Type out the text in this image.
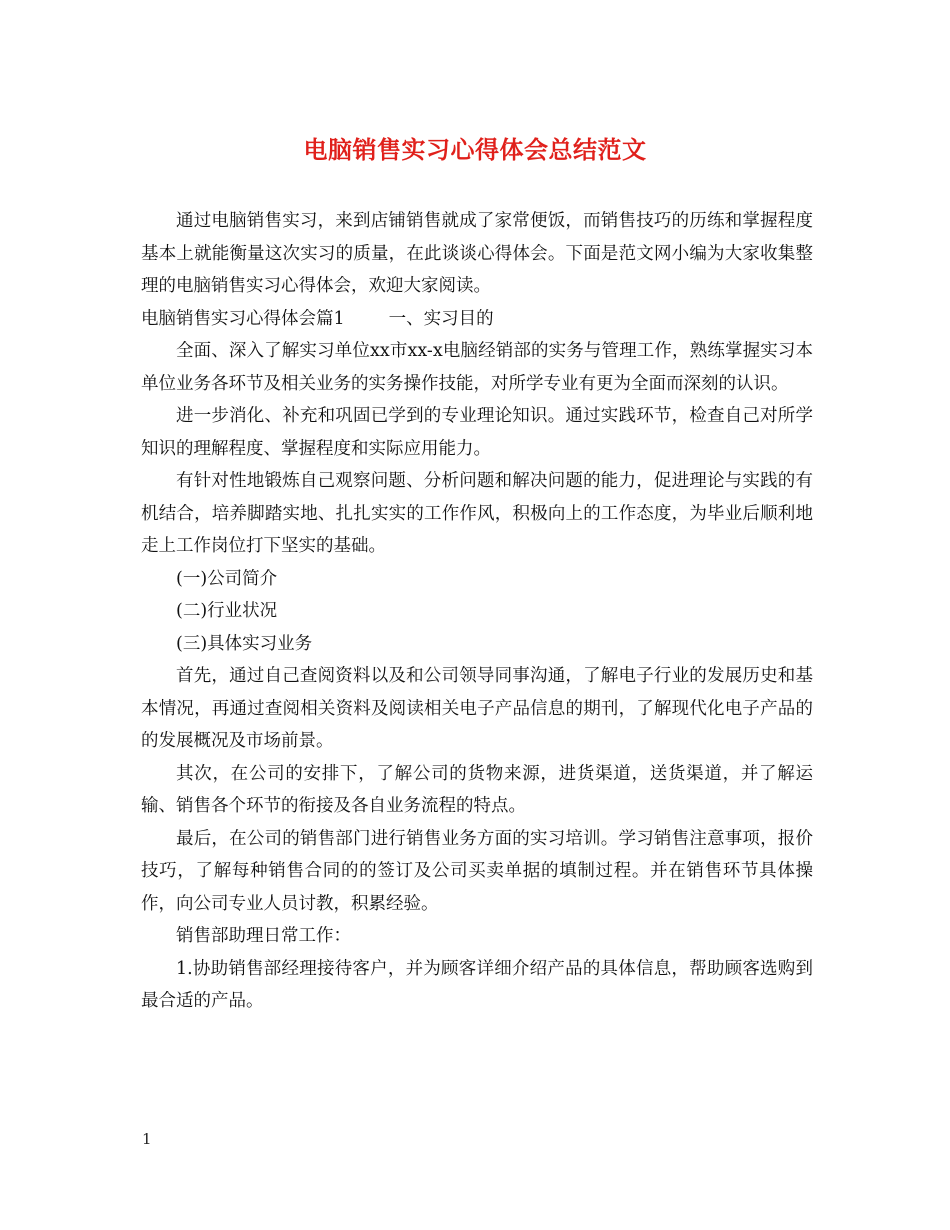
电脑销售实习心得体会总结范文

通过电脑销售实习，来到店铺销售就成了家常便饭，而销售技巧的历练和掌握程度基本上就能衡量这次实习的质量，在此谈谈心得体会。下面是范文网小编为大家收集整理的电脑销售实习心得体会，欢迎大家阅读。

电脑销售实习心得体会篇1	一、实习目的

全面、深入了解实习单位xx市xx-x电脑经销部的实务与管理工作，熟练掌握实习本单位业务各环节及相关业务的实务操作技能，对所学专业有更为全面而深刻的认识。

进一步消化、补充和巩固已学到的专业理论知识。通过实践环节，检查自己对所学知识的理解程度、掌握程度和实际应用能力。

有针对性地锻炼自己观察问题、分析问题和解决问题的能力，促进理论与实践的有机结合，培养脚踏实地、扎扎实实的工作作风，积极向上的工作态度，为毕业后顺利地走上工作岗位打下坚实的基础。

(一)公司简介

(二)行业状况

(三)具体实习业务

首先，通过自己查阅资料以及和公司领导同事沟通，了解电子行业的发展历史和基本情况，再通过查阅相关资料及阅读相关电子产品信息的期刊，了解现代化电子产品的的发展概况及市场前景。

其次，在公司的安排下，了解公司的货物来源，进货渠道，送货渠道，并了解运输、销售各个环节的衔接及各自业务流程的特点。

最后，在公司的销售部门进行销售业务方面的实习培训。学习销售注意事项，报价技巧，了解每种销售合同的的签订及公司买卖单据的填制过程。并在销售环节具体操作，向公司专业人员讨教，积累经验。

销售部助理日常工作：

1.协助销售部经理接待客户，并为顾客详细介绍产品的具体信息，帮助顾客选购到最合适的产品。

1
